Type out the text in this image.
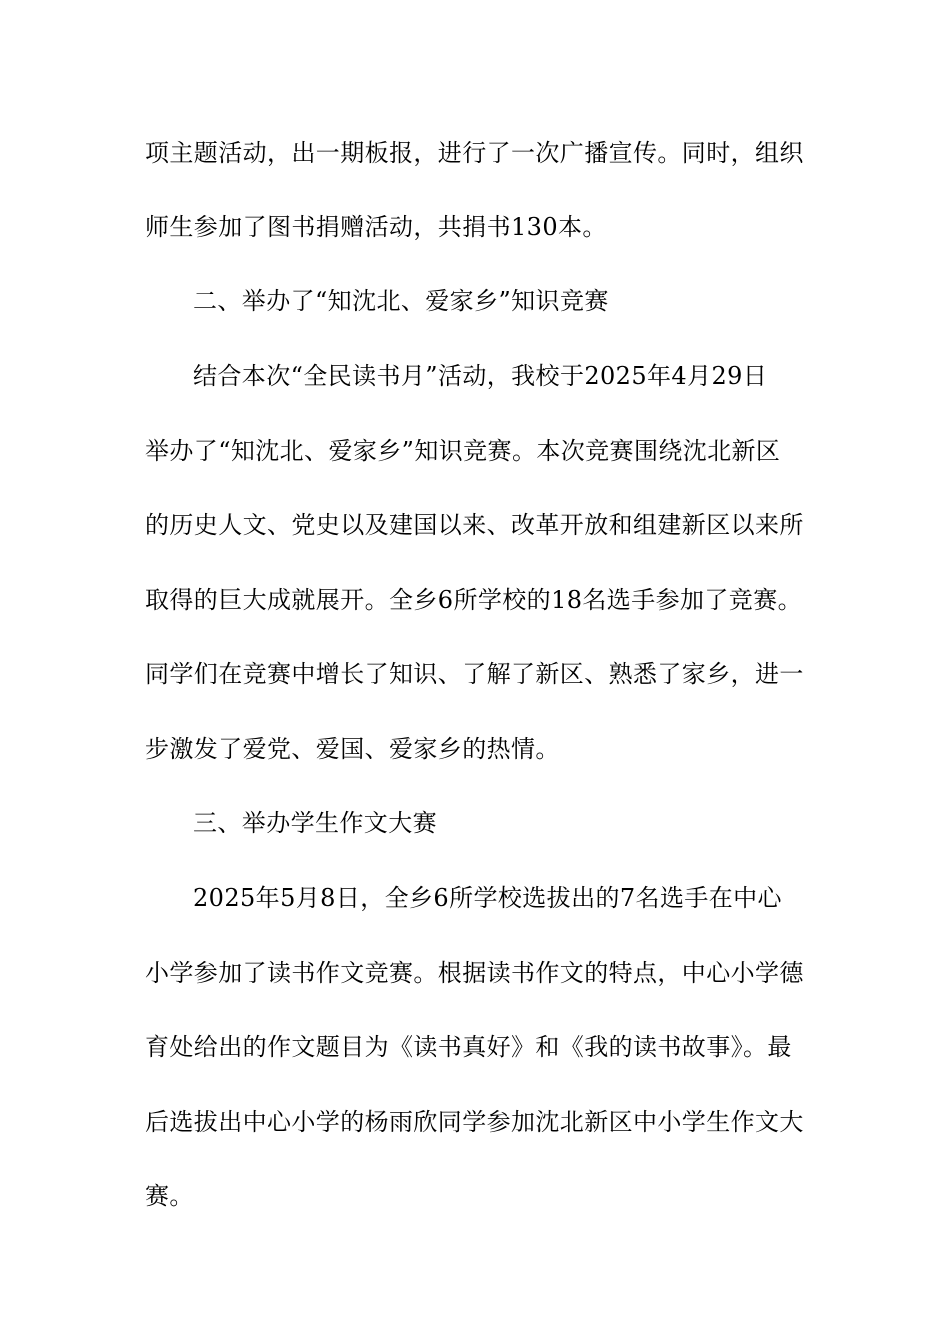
项主题活动，出一期板报，进行了一次广播宣传。同时，组织
师生参加了图书捐赠活动，共捐书130本。
二、举办了“知沈北、爱家乡”知识竞赛
结合本次“全民读书月”活动，我校于2025年4月29日
举办了“知沈北、爱家乡”知识竞赛。本次竞赛围绕沈北新区
的历史人文、党史以及建国以来、改革开放和组建新区以来所
取得的巨大成就展开。全乡6所学校的18名选手参加了竞赛。
同学们在竞赛中增长了知识、了解了新区、熟悉了家乡，进一
步激发了爱党、爱国、爱家乡的热情。
三、举办学生作文大赛
2025年5月8日，全乡6所学校选拔出的7名选手在中心
小学参加了读书作文竞赛。根据读书作文的特点，中心小学德
育处给出的作文题目为《读书真好》和《我的读书故事》。最
后选拔出中心小学的杨雨欣同学参加沈北新区中小学生作文大
赛。
